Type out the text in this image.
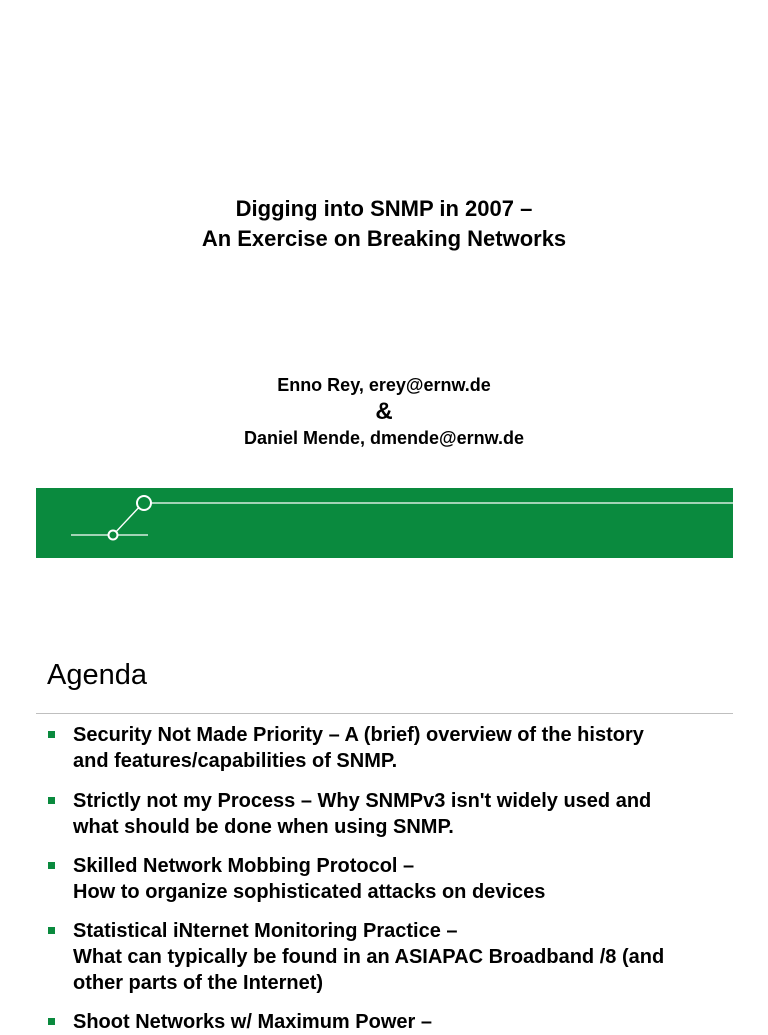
Digging into SNMP in 2007 –
An Exercise on Breaking Networks
Enno Rey, erey@ernw.de
&
Daniel Mende, dmende@ernw.de
Agenda
Security Not Made Priority – A (brief) overview of the history
and features/capabilities of SNMP.
Strictly not my Process – Why SNMPv3 isn't widely used and
what should be done when using SNMP.
Skilled Network Mobbing Protocol –
How to organize sophisticated attacks on devices
Statistical iNternet Monitoring Practice –
What can typically be found in an ASIAPAC Broadband /8 (and
other parts of the Internet)
Shoot Networks w/ Maximum Power –
